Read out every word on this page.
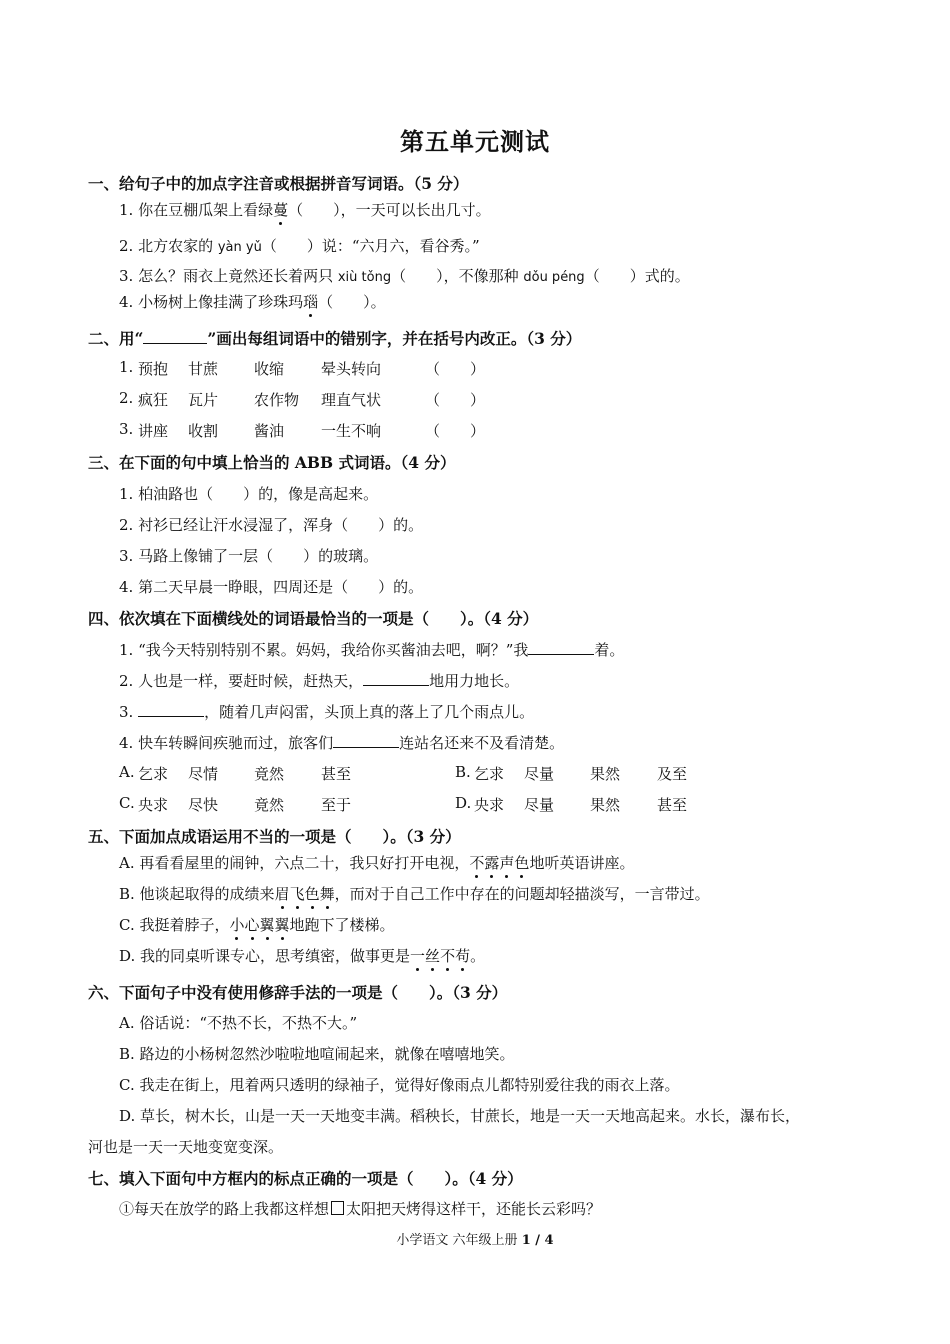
第五单元测试
一、给句子中的加点字注音或根据拼音写词语。（5 分）
1. 你在豆棚瓜架上看绿蔓（　　），一天可以长出几寸。
2. 北方农家的 yàn yǔ（　　）说：“六月六，看谷秀。”
3. 怎么？雨衣上竟然还长着两只 xiù tǒng（　　），不像那种 dǒu péng（　　）式的。
4. 小杨树上像挂满了珍珠玛瑙（　　）。
二、用“	”画出每组词语中的错别字，并在括号内改正。（3 分）
1. 预抱 甘蔗 收缩 晕头转向	（　　）
2. 疯狂 瓦片 农作物 理直气状	（　　）
3. 讲座 收割 酱油 一生不响	（　　）
三、在下面的句中填上恰当的 ABB 式词语。（4 分）
1. 柏油路也（　　）的，像是高起来。
2. 衬衫已经让汗水浸湿了，浑身（　　）的。
3. 马路上像铺了一层（　　）的玻璃。
4. 第二天早晨一睁眼，四周还是（　　）的。
四、依次填在下面横线处的词语最恰当的一项是（　　）。（4 分）
1. “我今天特别特别不累。妈妈，我给你买酱油去吧，啊？”我	着。
2. 人也是一样，要赶时候，赶热天，	地用力地长。
3.	，随着几声闷雷，头顶上真的落上了几个雨点儿。
4. 快车转瞬间疾驰而过，旅客们	连站名还来不及看清楚。
A. 乞求 尽情 竟然 甚至	B. 乞求 尽量 果然 及至
C. 央求 尽快 竟然 至于	D. 央求 尽量 果然 甚至
五、下面加点成语运用不当的一项是（　　）。（3 分）
A. 再看看屋里的闹钟，六点二十，我只好打开电视，不露声色地听英语讲座。
B. 他谈起取得的成绩来眉飞色舞，而对于自己工作中存在的问题却轻描淡写，一言带过。
C. 我挺着脖子，小心翼翼地跑下了楼梯。
D. 我的同桌听课专心，思考缜密，做事更是一丝不苟。
六、下面句子中没有使用修辞手法的一项是（　　）。（3 分）
A. 俗话说：“不热不长，不热不大。”
B. 路边的小杨树忽然沙啦啦地喧闹起来，就像在嘻嘻地笑。
C. 我走在街上，甩着两只透明的绿袖子，觉得好像雨点儿都特别爱往我的雨衣上落。
D. 草长，树木长，山是一天一天地变丰满。稻秧长，甘蔗长，地是一天一天地高起来。水长，瀑布长，
河也是一天一天地变宽变深。
七、填入下面句中方框内的标点正确的一项是（　　）。（4 分）
①每天在放学的路上我都这样想 太阳把天烤得这样干，还能长云彩吗？
小学语文 六年级上册 1 / 4
